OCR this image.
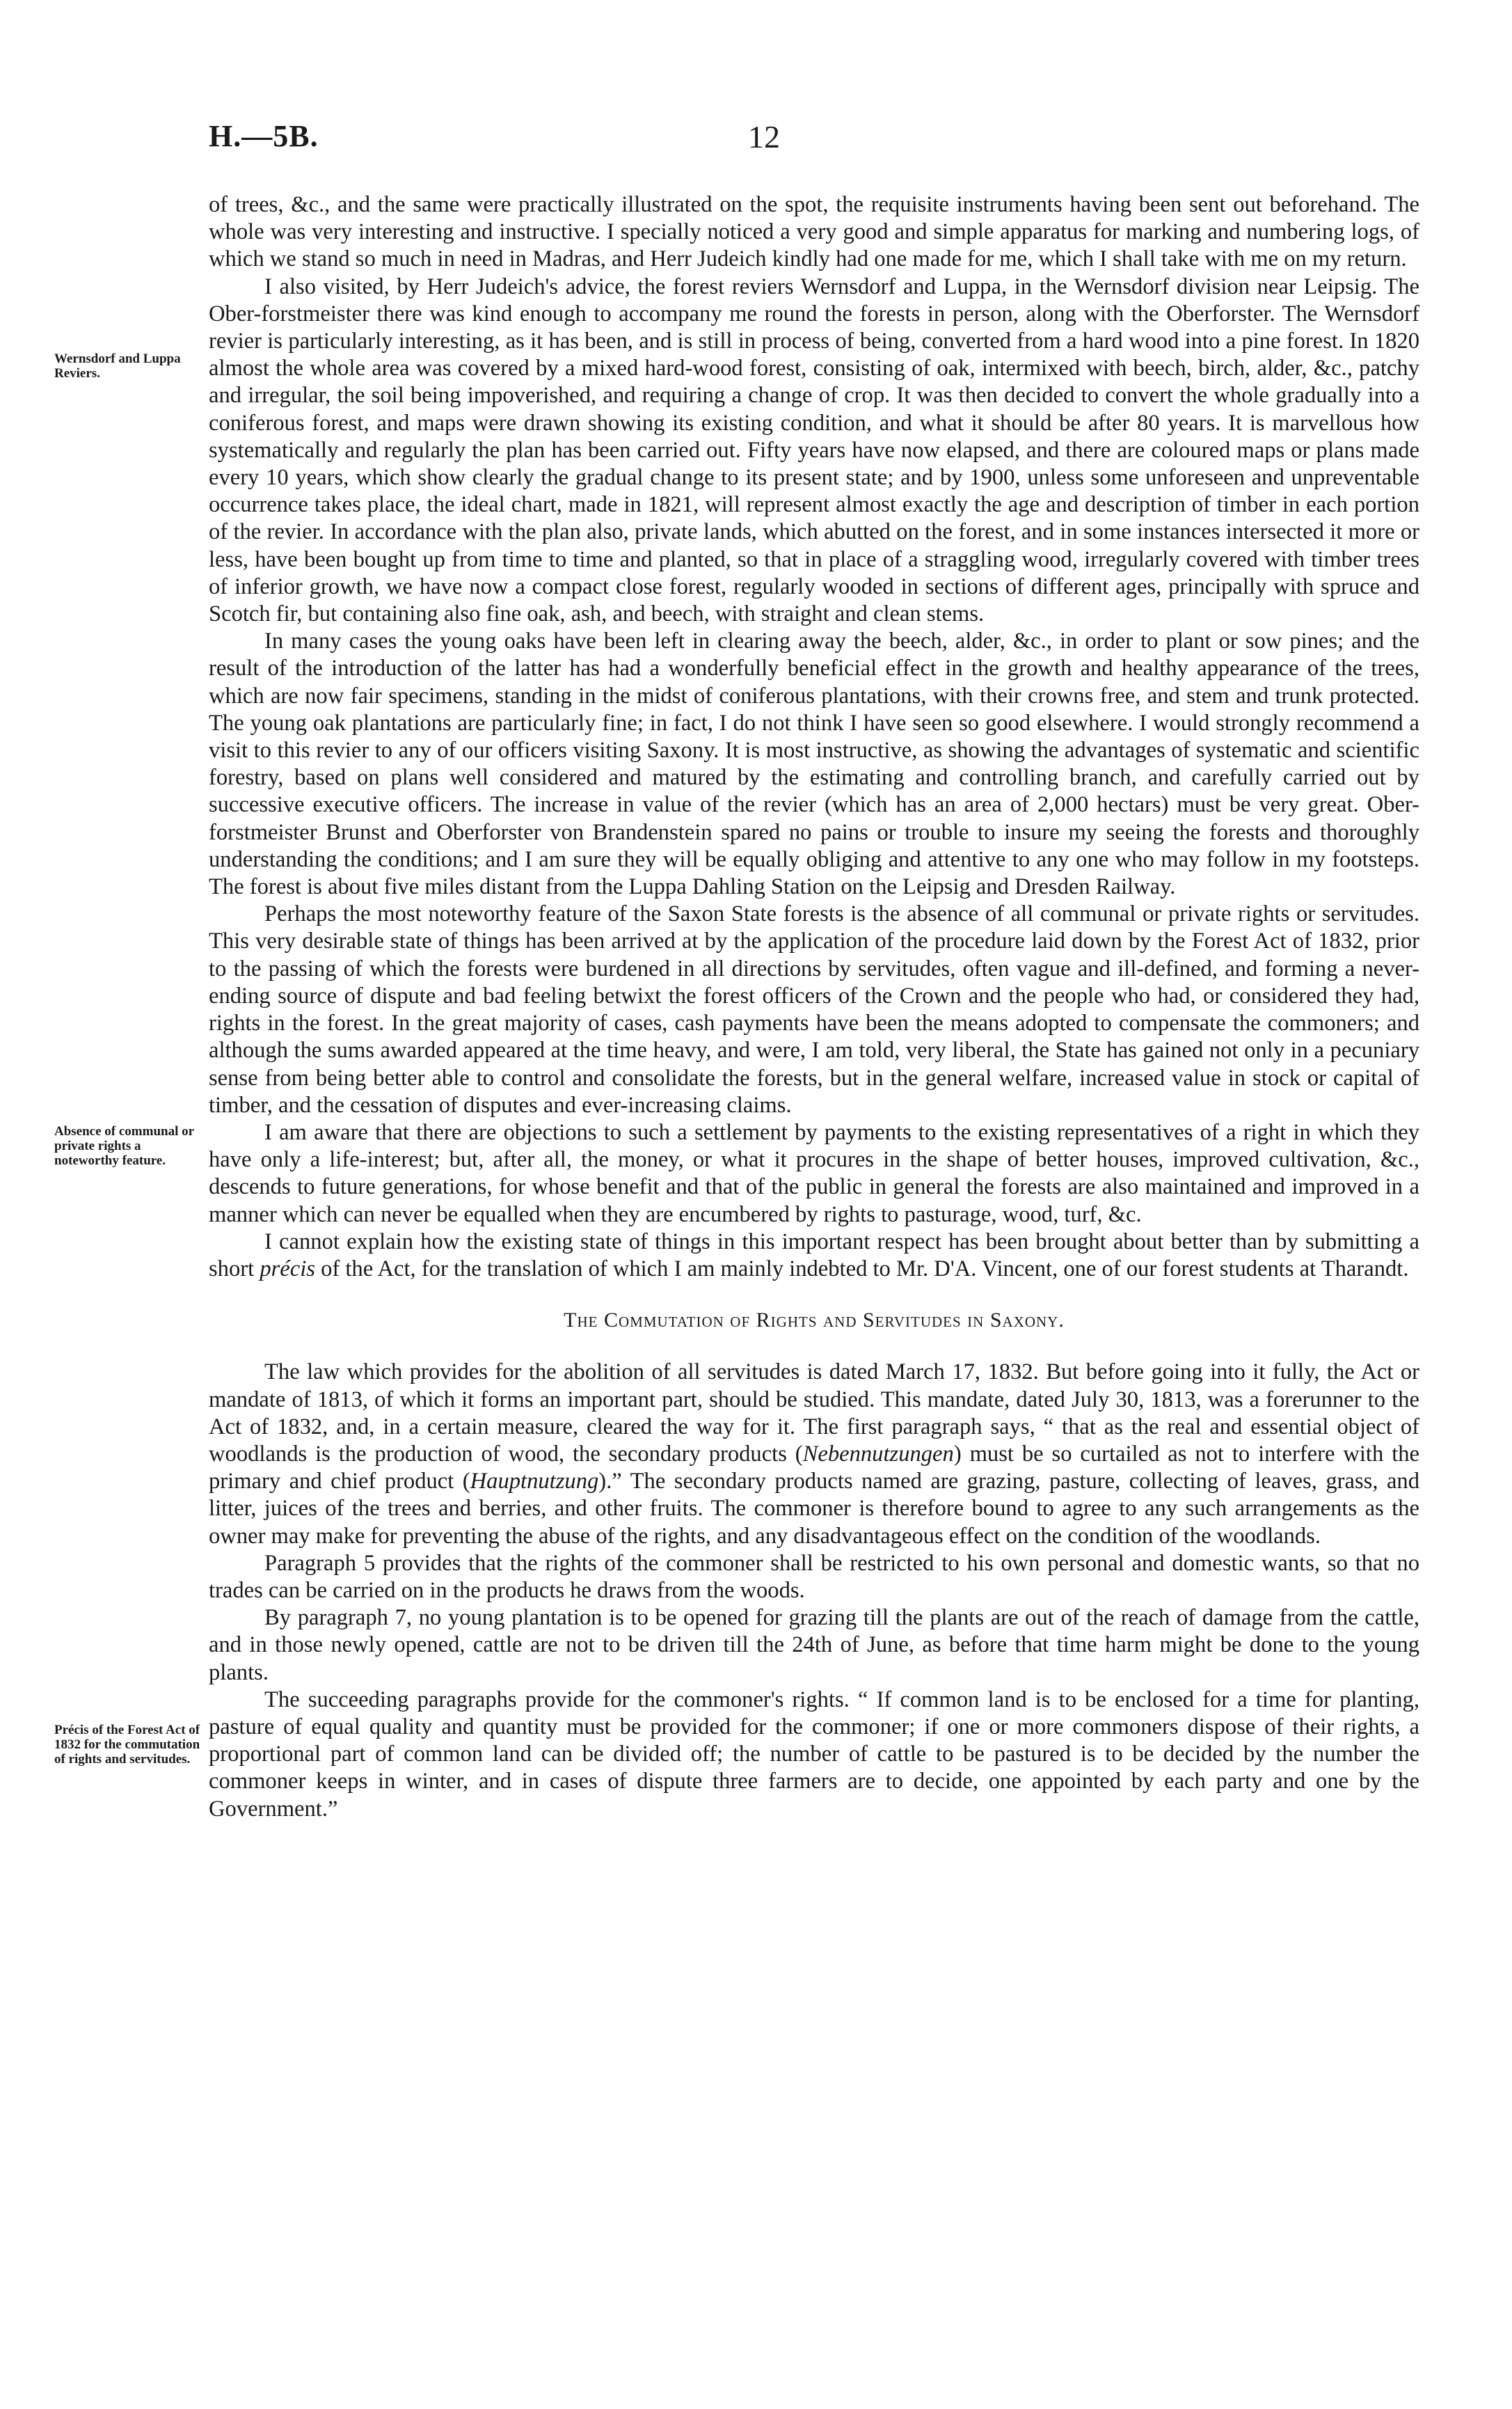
H.—5B.	12
Wernsdorf and Luppa Reviers.
Absence of communal or private rights a noteworthy feature.
Précis of the Forest Act of 1832 for the commutation of rights and servitudes.

of trees, &c., and the same were practically illustrated on the spot, the requisite instruments having been sent out beforehand. The whole was very interesting and instructive. I specially noticed a very good and simple apparatus for marking and numbering logs, of which we stand so much in need in Madras, and Herr Judeich kindly had one made for me, which I shall take with me on my return.

I also visited, by Herr Judeich's advice, the forest reviers Wernsdorf and Luppa, in the Wernsdorf division near Leipsig. The Ober-forstmeister there was kind enough to accompany me round the forests in person, along with the Oberforster. The Wernsdorf revier is particularly interesting, as it has been, and is still in process of being, converted from a hard wood into a pine forest. In 1820 almost the whole area was covered by a mixed hard-wood forest, consisting of oak, intermixed with beech, birch, alder, &c., patchy and irregular, the soil being impoverished, and requiring a change of crop. It was then decided to convert the whole gradually into a coniferous forest, and maps were drawn showing its existing condition, and what it should be after 80 years. It is marvellous how systematically and regularly the plan has been carried out. Fifty years have now elapsed, and there are coloured maps or plans made every 10 years, which show clearly the gradual change to its present state; and by 1900, unless some unforeseen and unpreventable occurrence takes place, the ideal chart, made in 1821, will represent almost exactly the age and description of timber in each portion of the revier. In accordance with the plan also, private lands, which abutted on the forest, and in some instances intersected it more or less, have been bought up from time to time and planted, so that in place of a straggling wood, irregularly covered with timber trees of inferior growth, we have now a compact close forest, regularly wooded in sections of different ages, principally with spruce and Scotch fir, but containing also fine oak, ash, and beech, with straight and clean stems.

In many cases the young oaks have been left in clearing away the beech, alder, &c., in order to plant or sow pines; and the result of the introduction of the latter has had a wonderfully beneficial effect in the growth and healthy appearance of the trees, which are now fair specimens, standing in the midst of coniferous plantations, with their crowns free, and stem and trunk protected. The young oak plantations are particularly fine; in fact, I do not think I have seen so good elsewhere. I would strongly recommend a visit to this revier to any of our officers visiting Saxony. It is most instructive, as showing the advantages of systematic and scientific forestry, based on plans well considered and matured by the estimating and controlling branch, and carefully carried out by successive executive officers. The increase in value of the revier (which has an area of 2,000 hectars) must be very great. Ober-forstmeister Brunst and Oberforster von Brandenstein spared no pains or trouble to insure my seeing the forests and thoroughly understanding the conditions; and I am sure they will be equally obliging and attentive to any one who may follow in my footsteps. The forest is about five miles distant from the Luppa Dahling Station on the Leipsig and Dresden Railway.

Perhaps the most noteworthy feature of the Saxon State forests is the absence of all communal or private rights or servitudes. This very desirable state of things has been arrived at by the application of the procedure laid down by the Forest Act of 1832, prior to the passing of which the forests were burdened in all directions by servitudes, often vague and ill-defined, and forming a never-ending source of dispute and bad feeling betwixt the forest officers of the Crown and the people who had, or considered they had, rights in the forest. In the great majority of cases, cash payments have been the means adopted to compensate the commoners; and although the sums awarded appeared at the time heavy, and were, I am told, very liberal, the State has gained not only in a pecuniary sense from being better able to control and consolidate the forests, but in the general welfare, increased value in stock or capital of timber, and the cessation of disputes and ever-increasing claims.

I am aware that there are objections to such a settlement by payments to the existing representatives of a right in which they have only a life-interest; but, after all, the money, or what it procures in the shape of better houses, improved cultivation, &c., descends to future generations, for whose benefit and that of the public in general the forests are also maintained and improved in a manner which can never be equalled when they are encumbered by rights to pasturage, wood, turf, &c.

I cannot explain how the existing state of things in this important respect has been brought about better than by submitting a short précis of the Act, for the translation of which I am mainly indebted to Mr. D'A. Vincent, one of our forest students at Tharandt.

The Commutation of Rights and Servitudes in Saxony.

The law which provides for the abolition of all servitudes is dated March 17, 1832. But before going into it fully, the Act or mandate of 1813, of which it forms an important part, should be studied. This mandate, dated July 30, 1813, was a forerunner to the Act of 1832, and, in a certain measure, cleared the way for it. The first paragraph says, “ that as the real and essential object of woodlands is the production of wood, the secondary products (Nebennutzungen) must be so curtailed as not to interfere with the primary and chief product (Hauptnutzung).” The secondary products named are grazing, pasture, collecting of leaves, grass, and litter, juices of the trees and berries, and other fruits. The commoner is therefore bound to agree to any such arrangements as the owner may make for preventing the abuse of the rights, and any disadvantageous effect on the condition of the woodlands.

Paragraph 5 provides that the rights of the commoner shall be restricted to his own personal and domestic wants, so that no trades can be carried on in the products he draws from the woods.

By paragraph 7, no young plantation is to be opened for grazing till the plants are out of the reach of damage from the cattle, and in those newly opened, cattle are not to be driven till the 24th of June, as before that time harm might be done to the young plants.

The succeeding paragraphs provide for the commoner's rights. “ If common land is to be enclosed for a time for planting, pasture of equal quality and quantity must be provided for the commoner; if one or more commoners dispose of their rights, a proportional part of common land can be divided off; the number of cattle to be pastured is to be decided by the number the commoner keeps in winter, and in cases of dispute three farmers are to decide, one appointed by each party and one by the Government.”
